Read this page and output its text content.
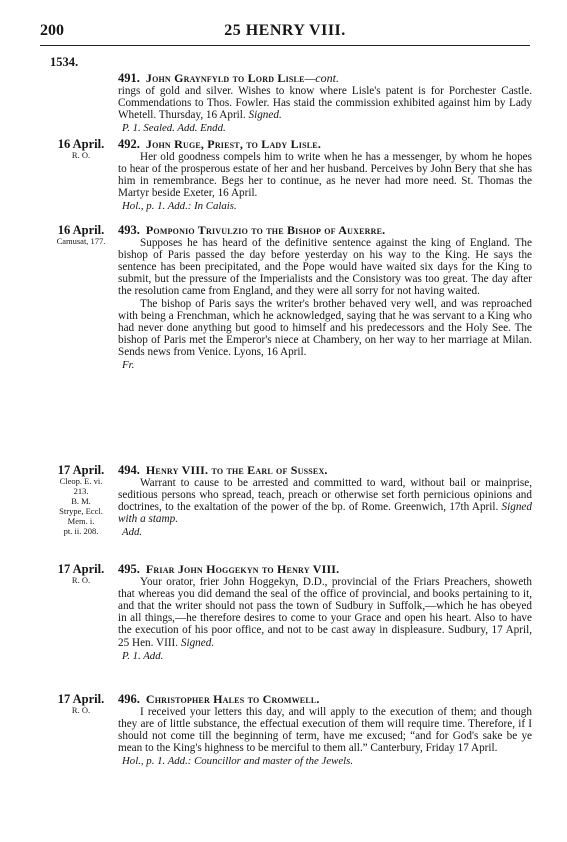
200	25 HENRY VIII.
1534.
491. John Graynfyld to Lord Lisle—cont.

rings of gold and silver. Wishes to know where Lisle's patent is for Porchester Castle. Commendations to Thos. Fowler. Has staid the commission exhibited against him by Lady Whetell. Thursday, 16 April. Signed.

P. 1. Sealed. Add. Endd.

16 April.
R. O.
492. John Ruge, Priest, to Lady Lisle.

Her old goodness compels him to write when he has a messenger, by whom he hopes to hear of the prosperous estate of her and her husband. Perceives by John Bery that she has him in remembrance. Begs her to continue, as he never had more need. St. Thomas the Martyr beside Exeter, 16 April.

Hol., p. 1. Add.: In Calais.

16 April.
Camusat, 177.
493. Pomponio Trivulzio to the Bishop of Auxerre.

Supposes he has heard of the definitive sentence against the king of England. The bishop of Paris passed the day before yesterday on his way to the King. He says the sentence has been precipitated, and the Pope would have waited six days for the King to submit, but the pressure of the Imperialists and the Consistory was too great. The day after the resolution came from England, and they were all sorry for not having waited.

The bishop of Paris says the writer's brother behaved very well, and was reproached with being a Frenchman, which he acknowledged, saying that he was servant to a King who had never done anything but good to himself and his predecessors and the Holy See. The bishop of Paris met the Emperor's niece at Chambery, on her way to her marriage at Milan. Sends news from Venice. Lyons, 16 April.

Fr.

17 April.
Cleop. E. vi.
213.
B. M.
Strype, Eccl.
Mem. i.
pt. ii. 208.
494. Henry VIII. to the Earl of Sussex.

Warrant to cause to be arrested and committed to ward, without bail or mainprise, seditious persons who spread, teach, preach or otherwise set forth pernicious opinions and doctrines, to the exaltation of the power of the bp. of Rome. Greenwich, 17th April. Signed with a stamp.

Add.

17 April.
R. O.
495. Friar John Hoggekyn to Henry VIII.

Your orator, frier John Hoggekyn, D.D., provincial of the Friars Preachers, showeth that whereas you did demand the seal of the office of provincial, and books pertaining to it, and that the writer should not pass the town of Sudbury in Suffolk,—which he has obeyed in all things,—he therefore desires to come to your Grace and open his heart. Also to have the execution of his poor office, and not to be cast away in displeasure. Sudbury, 17 April, 25 Hen. VIII. Signed.

P. 1. Add.

17 April.
R. O.
496. Christopher Hales to Cromwell.

I received your letters this day, and will apply to the execution of them; and though they are of little substance, the effectual execution of them will require time. Therefore, if I should not come till the beginning of term, have me excused; “and for God's sake be ye mean to the King's highness to be merciful to them all.” Canterbury, Friday 17 April.

Hol., p. 1. Add.: Councillor and master of the Jewels.
